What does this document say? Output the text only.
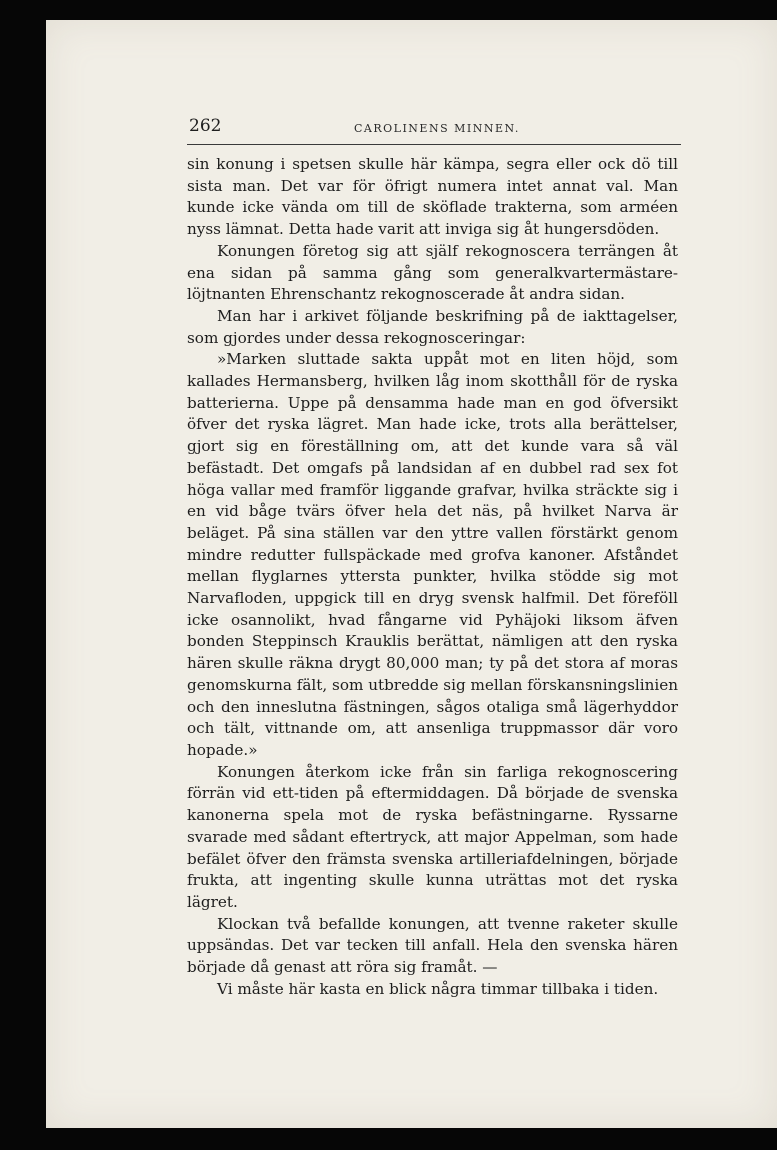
262	CAROLINENS MINNEN.

sin konung i spetsen skulle här kämpa, segra eller ock dö till sista man. Det var för öfrigt numera intet annat val. Man kunde icke vända om till de sköflade trakterna, som arméen nyss lämnat. Detta hade varit att inviga sig åt hungersdöden.

Konungen företog sig att själf rekognoscera terrängen åt ena sidan på samma gång som generalkvartermästare-löjtnanten Ehrenschantz rekognoscerade åt andra sidan.

Man har i arkivet följande beskrifning på de iakttagelser, som gjordes under dessa rekognosceringar:

»Marken sluttade sakta uppåt mot en liten höjd, som kallades Hermansberg, hvilken låg inom skotthåll för de ryska batterierna. Uppe på densamma hade man en god öfversikt öfver det ryska lägret. Man hade icke, trots alla berättelser, gjort sig en föreställning om, att det kunde vara så väl befästadt. Det omgafs på landsidan af en dubbel rad sex fot höga vallar med framför liggande grafvar, hvilka sträckte sig i en vid båge tvärs öfver hela det näs, på hvilket Narva är beläget. På sina ställen var den yttre vallen förstärkt genom mindre redutter fullspäckade med grofva kanoner. Afståndet mellan flyglarnes yttersta punkter, hvilka stödde sig mot Narvafloden, uppgick till en dryg svensk halfmil. Det föreföll icke osannolikt, hvad fångarne vid Pyhäjoki liksom äfven bonden Steppinsch Krauklis berättat, nämligen att den ryska hären skulle räkna drygt 80,000 man; ty på det stora af moras genomskurna fält, som utbredde sig mellan förskansningslinien och den inneslutna fästningen, sågos otaliga små lägerhyddor och tält, vittnande om, att ansenliga truppmassor där voro hopade.»

Konungen återkom icke från sin farliga rekognoscering förrän vid ett-tiden på eftermiddagen. Då började de svenska kanonerna spela mot de ryska befästningarne. Ryssarne svarade med sådant eftertryck, att major Appelman, som hade befälet öfver den främsta svenska artilleriafdelningen, började frukta, att ingenting skulle kunna uträttas mot det ryska lägret.

Klockan två befallde konungen, att tvenne raketer skulle uppsändas. Det var tecken till anfall. Hela den svenska hären började då genast att röra sig framåt. —

Vi måste här kasta en blick några timmar tillbaka i tiden.
